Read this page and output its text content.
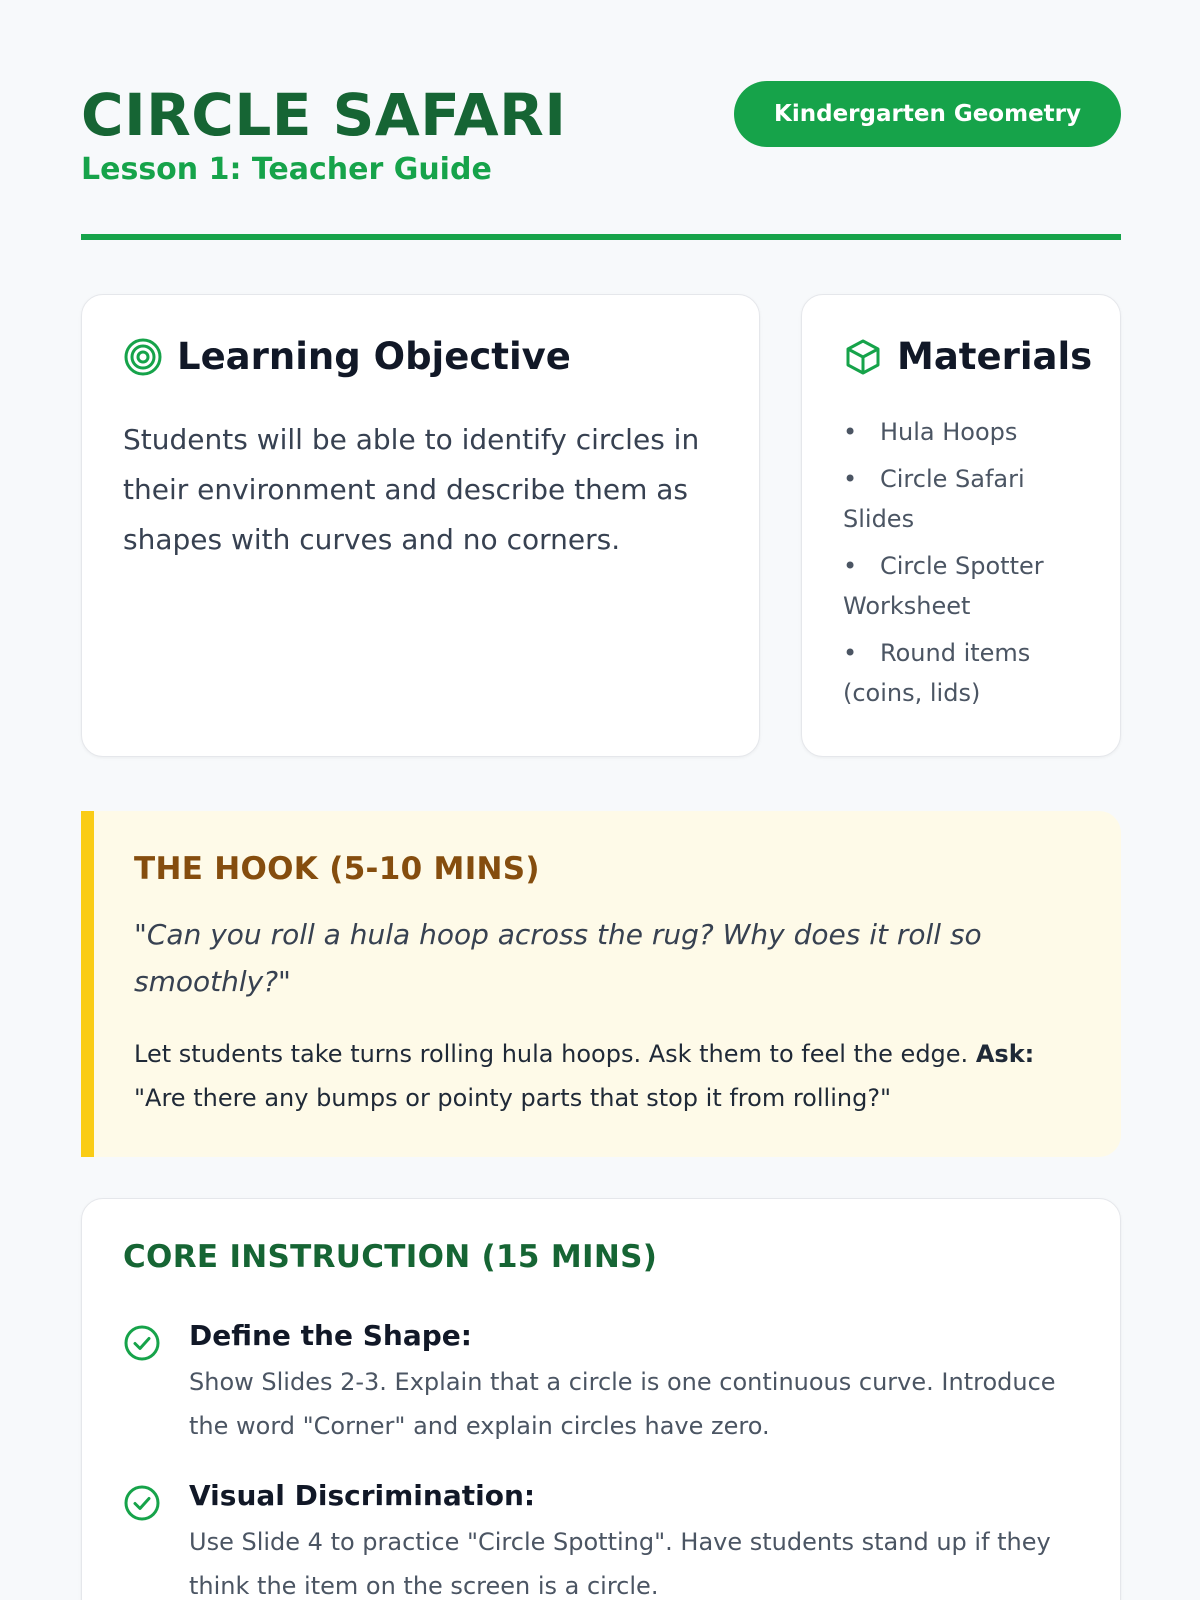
CIRCLE SAFARI
Lesson 1: Teacher Guide
Kindergarten Geometry
Learning Objective

Students will be able to identify circles in their environment and describe them as shapes with curves and no corners.

Materials
• Hula Hoops
• Circle Safari Slides
• Circle Spotter Worksheet
• Round items (coins, lids)
THE HOOK (5-10 MINS)

"Can you roll a hula hoop across the rug? Why does it roll so smoothly?"

Let students take turns rolling hula hoops. Ask them to feel the edge. Ask: "Are there any bumps or pointy parts that stop it from rolling?"

CORE INSTRUCTION (15 MINS)
Define the Shape:

Show Slides 2-3. Explain that a circle is one continuous curve. Introduce the word "Corner" and explain circles have zero.

Visual Discrimination:

Use Slide 4 to practice "Circle Spotting". Have students stand up if they think the item on the screen is a circle.
